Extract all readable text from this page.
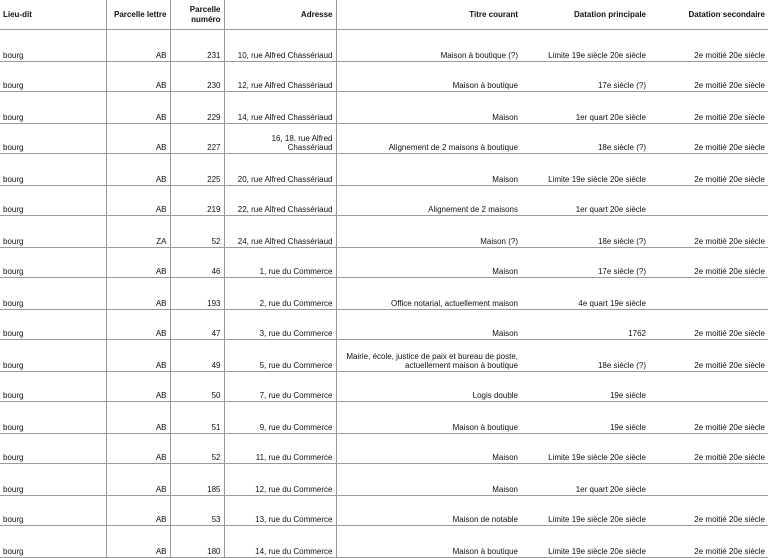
Lieu-dit	Parcelle lettre	Parcelle numéro	Adresse	Titre courant	Datation principale	Datation secondaire
bourg	AB	231	10, rue Alfred Chassériaud	Maison à boutique (?)	Limite 19e siècle 20e siècle	2e moitié 20e siècle
bourg	AB	230	12, rue Alfred Chassériaud	Maison à boutique	17e siècle (?)	2e moitié 20e siècle
bourg	AB	229	14, rue Alfred Chassériaud	Maison	1er quart 20e siècle	2e moitié 20e siècle
bourg	AB	227	16, 18, rue Alfred Chassériaud	Alignement de 2 maisons à boutique	18e siècle (?)	2e moitié 20e siècle
bourg	AB	225	20, rue Alfred Chassériaud	Maison	Limite 19e siècle 20e siècle	2e moitié 20e siècle
bourg	AB	219	22, rue Alfred Chassériaud	Alignement de 2 maisons	1er quart 20e siècle	
bourg	ZA	52	24, rue Alfred Chassériaud	Maison (?)	18e siècle (?)	2e moitié 20e siècle
bourg	AB	46	1, rue du Commerce	Maison	17e siècle (?)	2e moitié 20e siècle
bourg	AB	193	2, rue du Commerce	Office notarial, actuellement maison	4e quart 19e siècle	
bourg	AB	47	3, rue du Commerce	Maison	1762	2e moitié 20e siècle
bourg	AB	49	5, rue du Commerce	Mairie, école, justice de paix et bureau de poste, actuellement maison à boutique	18e siècle (?)	2e moitié 20e siècle
bourg	AB	50	7, rue du Commerce	Logis double	19e siècle	
bourg	AB	51	9, rue du Commerce	Maison à boutique	19e siècle	2e moitié 20e siècle
bourg	AB	52	11, rue du Commerce	Maison	Limite 19e siècle 20e siècle	2e moitié 20e siècle
bourg	AB	185	12, rue du Commerce	Maison	1er quart 20e siècle	
bourg	AB	53	13, rue du Commerce	Maison de notable	Limite 19e siècle 20e siècle	2e moitié 20e siècle
bourg	AB	180	14, rue du Commerce	Maison à boutique	Limite 19e siècle 20e siècle	2e moitié 20e siècle
